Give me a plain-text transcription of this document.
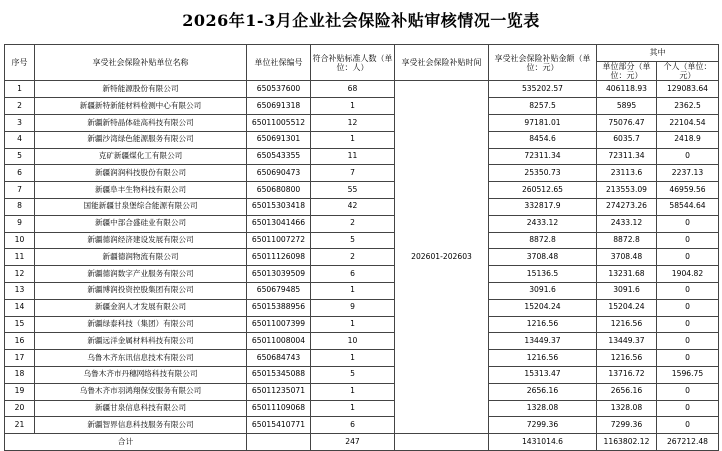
2026年1-3月企业社会保险补贴审核情况一览表
序号	享受社会保险补贴单位名称	单位社保编号	符合补贴标准人数（单位：人）	享受社会保险补贴时间	享受社会保险补贴金额（单位：元）	其中	
						单位部分（单位：元）	个人（单位：元）
1	新特能源股份有限公司	650537600	68	202601-202603	535202.57	406118.93	129083.64
2	新疆新特新能材料检测中心有限公司	650691318	1		8257.5	5895	2362.5
3	新疆新特晶体硅高科技有限公司	65011005512	12		97181.01	75076.47	22104.54
4	新疆沙湾绿色能源服务有限公司	650691301	1		8454.6	6035.7	2418.9
5	克矿新疆煤化工有限公司	650543355	11		72311.34	72311.34	0
6	新疆润润科技股份有限公司	650690473	7		25350.73	23113.6	2237.13
7	新疆阜丰生物科技有限公司	650680800	55		260512.65	213553.09	46959.56
8	国能新疆甘泉堡综合能源有限公司	65015303418	42		332817.9	274273.26	58544.64
9	新疆中部合盛硅业有限公司	65013041466	2		2433.12	2433.12	0
10	新疆德润经济建设发展有限公司	65011007272	5		8872.8	8872.8	0
11	新疆德润物流有限公司	65011126098	2		3708.48	3708.48	0
12	新疆德润数字产业服务有限公司	65013039509	6		15136.5	13231.68	1904.82
13	新疆博润投资控股集团有限公司	650679485	1		3091.6	3091.6	0
14	新疆金润人才发展有限公司	65015388956	9		15204.24	15204.24	0
15	新疆绿泰科技（集团）有限公司	65011007399	1		1216.56	1216.56	0
16	新疆远洋金属材料科技有限公司	65011008004	10		13449.37	13449.37	0
17	乌鲁木齐东讯信息技术有限公司	650684743	1		1216.56	1216.56	0
18	乌鲁木齐市丹穗网络科技有限公司	65015345088	5		15313.47	13716.72	1596.75
19	乌鲁木齐市羽鸿翔保安服务有限公司	65011235071	1		2656.16	2656.16	0
20	新疆甘泉信息科技有限公司	65011109068	1		1328.08	1328.08	0
21	新疆智界信息科技服务有限公司	65015410771	6		7299.36	7299.36	0
合计			247		1431014.6	1163802.12	267212.48
